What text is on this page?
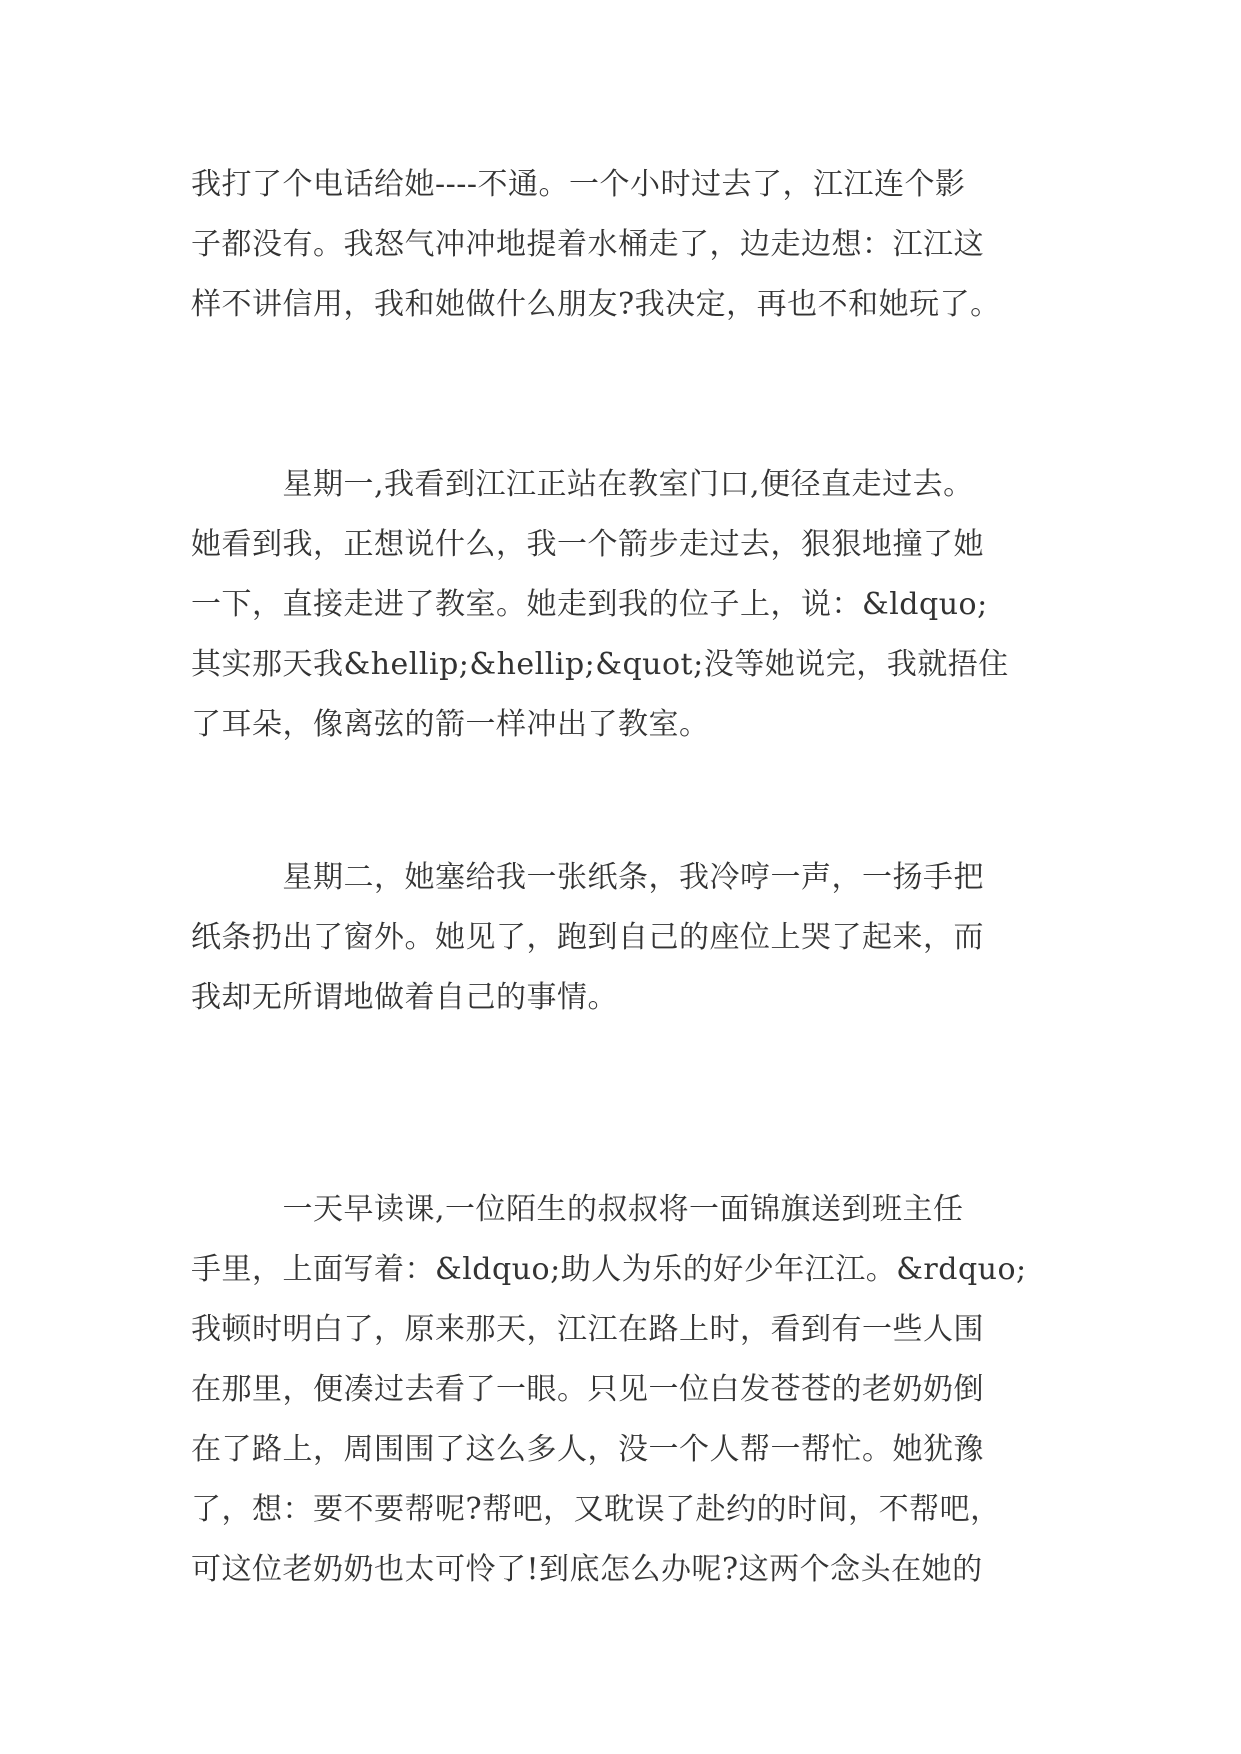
我打了个电话给她----不通。一个小时过去了，江江连个影
子都没有。我怒气冲冲地提着水桶走了，边走边想：江江这
样不讲信用，我和她做什么朋友?我决定，再也不和她玩了。
　　　星期一,我看到江江正站在教室门口,便径直走过去。
她看到我，正想说什么，我一个箭步走过去，狠狠地撞了她
一下，直接走进了教室。她走到我的位子上，说：&ldquo;
其实那天我&hellip;&hellip;&quot;没等她说完，我就捂住
了耳朵，像离弦的箭一样冲出了教室。
　　　星期二，她塞给我一张纸条，我冷哼一声，一扬手把
纸条扔出了窗外。她见了，跑到自己的座位上哭了起来，而
我却无所谓地做着自己的事情。
　　　一天早读课,一位陌生的叔叔将一面锦旗送到班主任
手里，上面写着：&ldquo;助人为乐的好少年江江。&rdquo;
我顿时明白了，原来那天，江江在路上时，看到有一些人围
在那里，便凑过去看了一眼。只见一位白发苍苍的老奶奶倒
在了路上，周围围了这么多人，没一个人帮一帮忙。她犹豫
了，想：要不要帮呢?帮吧，又耽误了赴约的时间，不帮吧，
可这位老奶奶也太可怜了!到底怎么办呢?这两个念头在她的
